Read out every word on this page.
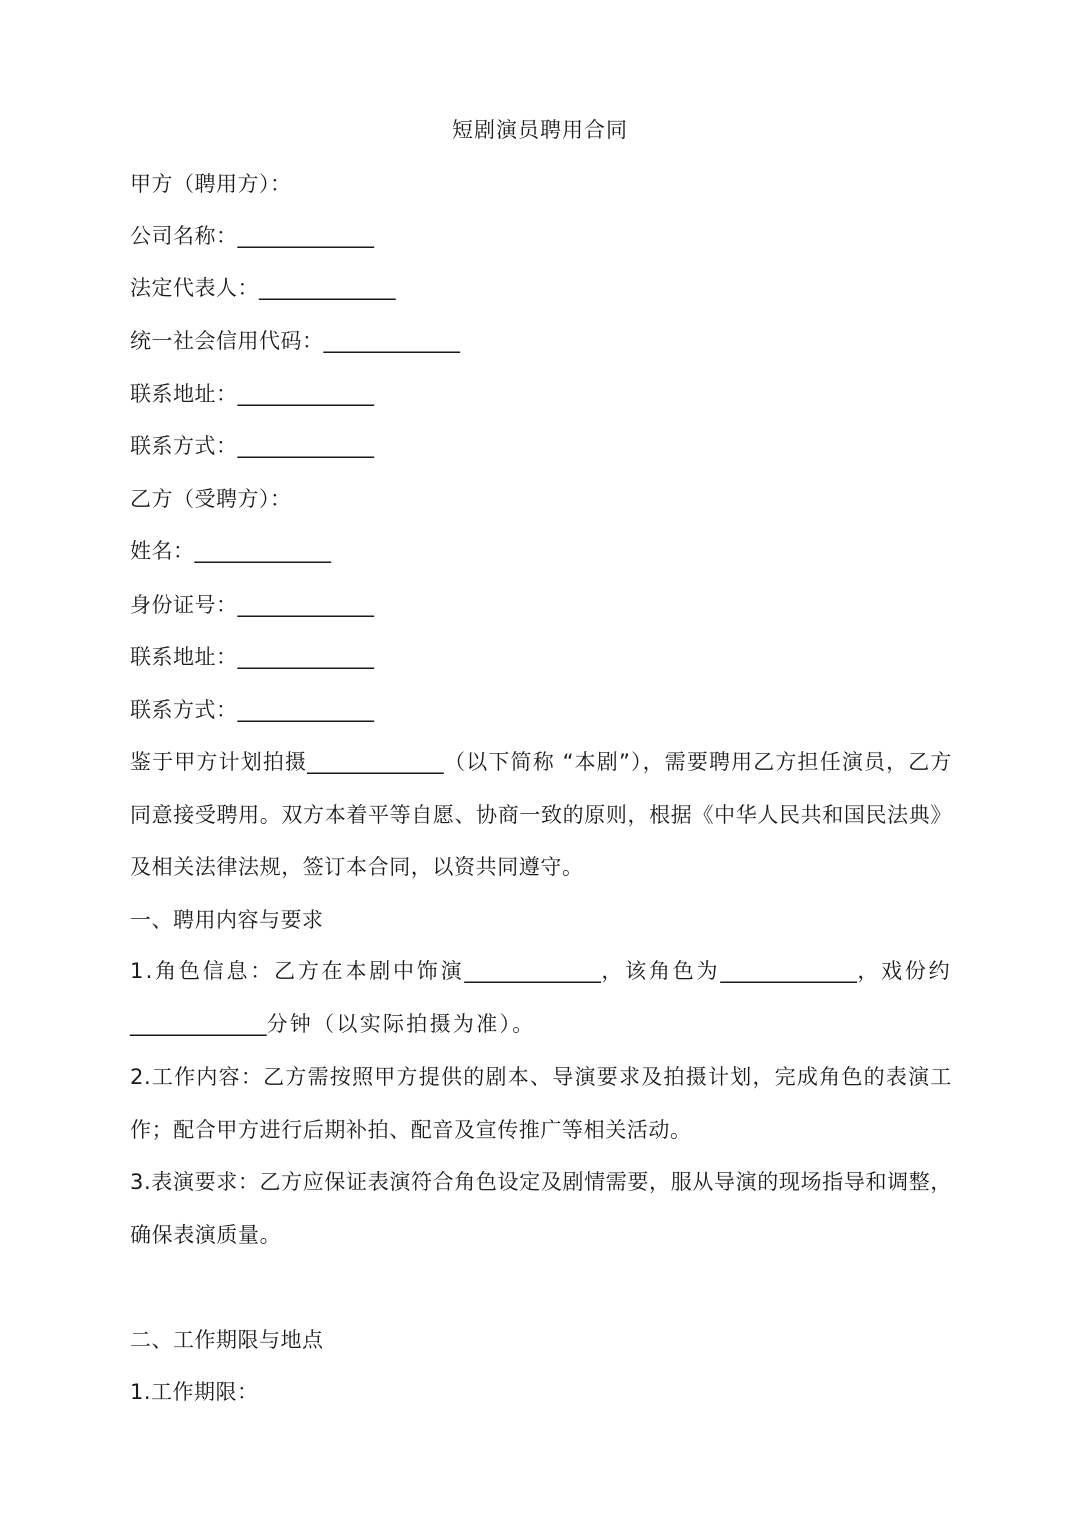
短剧演员聘用合同
甲方（聘用方）：
公司名称：_____________
法定代表人：_____________
统一社会信用代码：_____________
联系地址：_____________
联系方式：_____________
乙方（受聘方）：
姓名：_____________
身份证号：_____________
联系地址：_____________
联系方式：_____________
鉴于甲方计划拍摄_____________（以下简称 “本剧”），需要聘用乙方担任演员，乙方同意接受聘用。双方本着平等自愿、协商一致的原则，根据《中华人民共和国民法典》及相关法律法规，签订本合同，以资共同遵守。
一、聘用内容与要求
1.角色信息：乙方在本剧中饰演_____________，该角色为_____________，戏份约_____________分钟（以实际拍摄为准）。
2.工作内容：乙方需按照甲方提供的剧本、导演要求及拍摄计划，完成角色的表演工作；配合甲方进行后期补拍、配音及宣传推广等相关活动。
3.表演要求：乙方应保证表演符合角色设定及剧情需要，服从导演的现场指导和调整，确保表演质量。
二、工作期限与地点
1.工作期限：
